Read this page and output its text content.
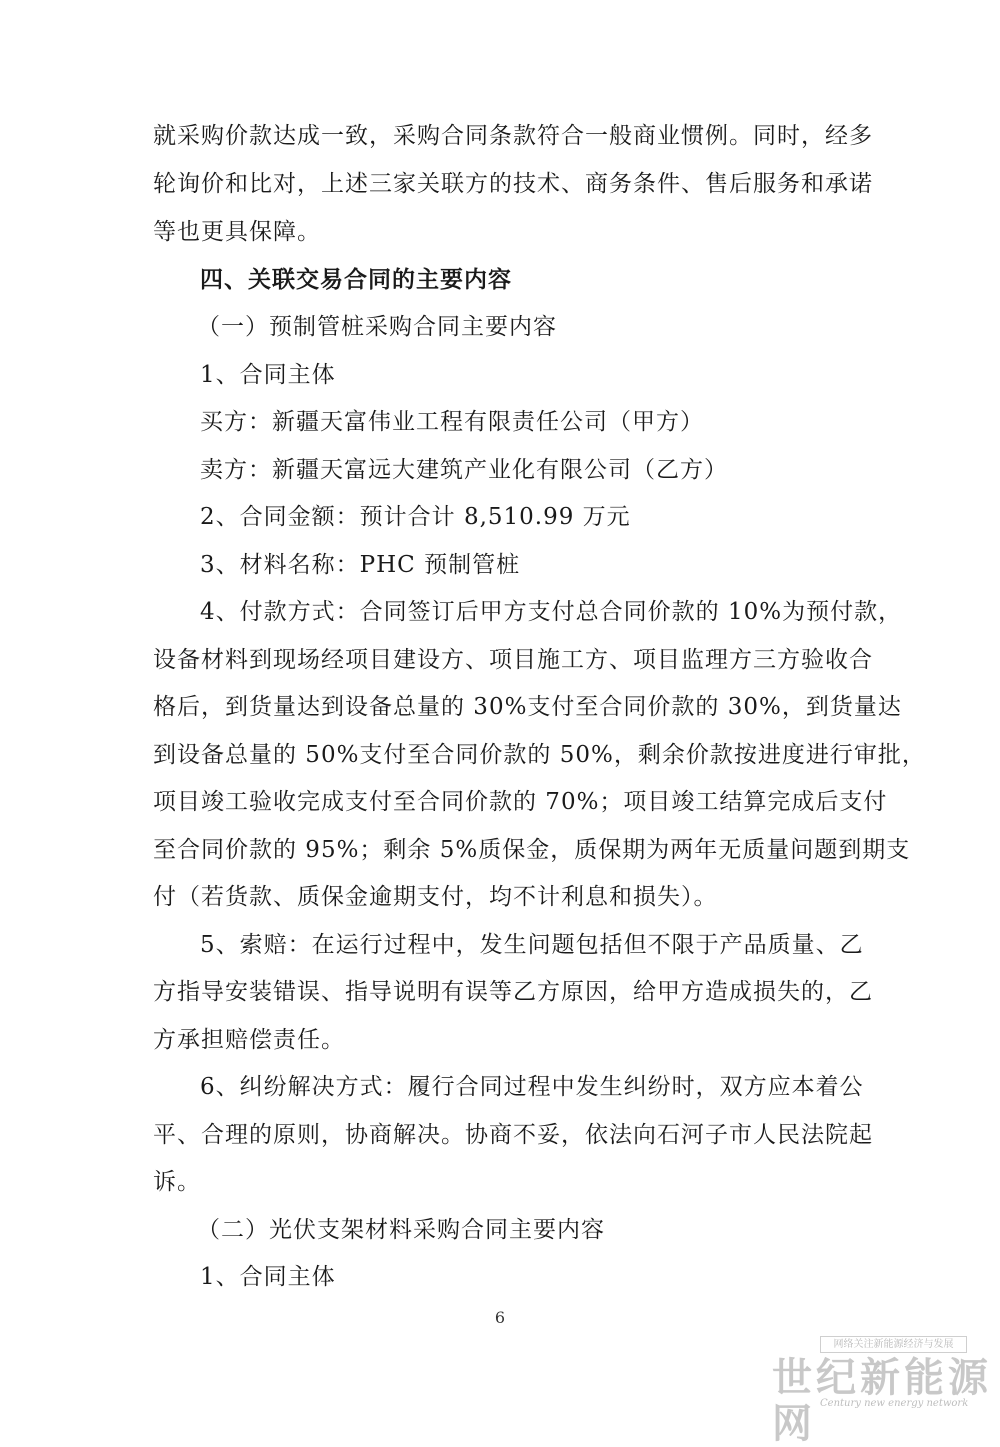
就采购价款达成一致，采购合同条款符合一般商业惯例。同时，经多
轮询价和比对，上述三家关联方的技术、商务条件、售后服务和承诺
等也更具保障。
四、关联交易合同的主要内容
（一）预制管桩采购合同主要内容
1、合同主体
买方：新疆天富伟业工程有限责任公司（甲方）
卖方：新疆天富远大建筑产业化有限公司（乙方）
2、合同金额：预计合计 8,510.99 万元
3、材料名称：PHC 预制管桩
4、付款方式：合同签订后甲方支付总合同价款的 10%为预付款，
设备材料到现场经项目建设方、项目施工方、项目监理方三方验收合
格后，到货量达到设备总量的 30%支付至合同价款的 30%，到货量达
到设备总量的 50%支付至合同价款的 50%，剩余价款按进度进行审批，
项目竣工验收完成支付至合同价款的 70%；项目竣工结算完成后支付
至合同价款的 95%；剩余 5%质保金，质保期为两年无质量问题到期支
付（若货款、质保金逾期支付，均不计利息和损失）。
5、索赔：在运行过程中，发生问题包括但不限于产品质量、乙
方指导安装错误、指导说明有误等乙方原因，给甲方造成损失的，乙
方承担赔偿责任。
6、纠纷解决方式：履行合同过程中发生纠纷时，双方应本着公
平、合理的原则，协商解决。协商不妥，依法向石河子市人民法院起
诉。
（二）光伏支架材料采购合同主要内容
1、合同主体
6
网络关注新能源经济与发展
世纪新能源网 Century new energy network
